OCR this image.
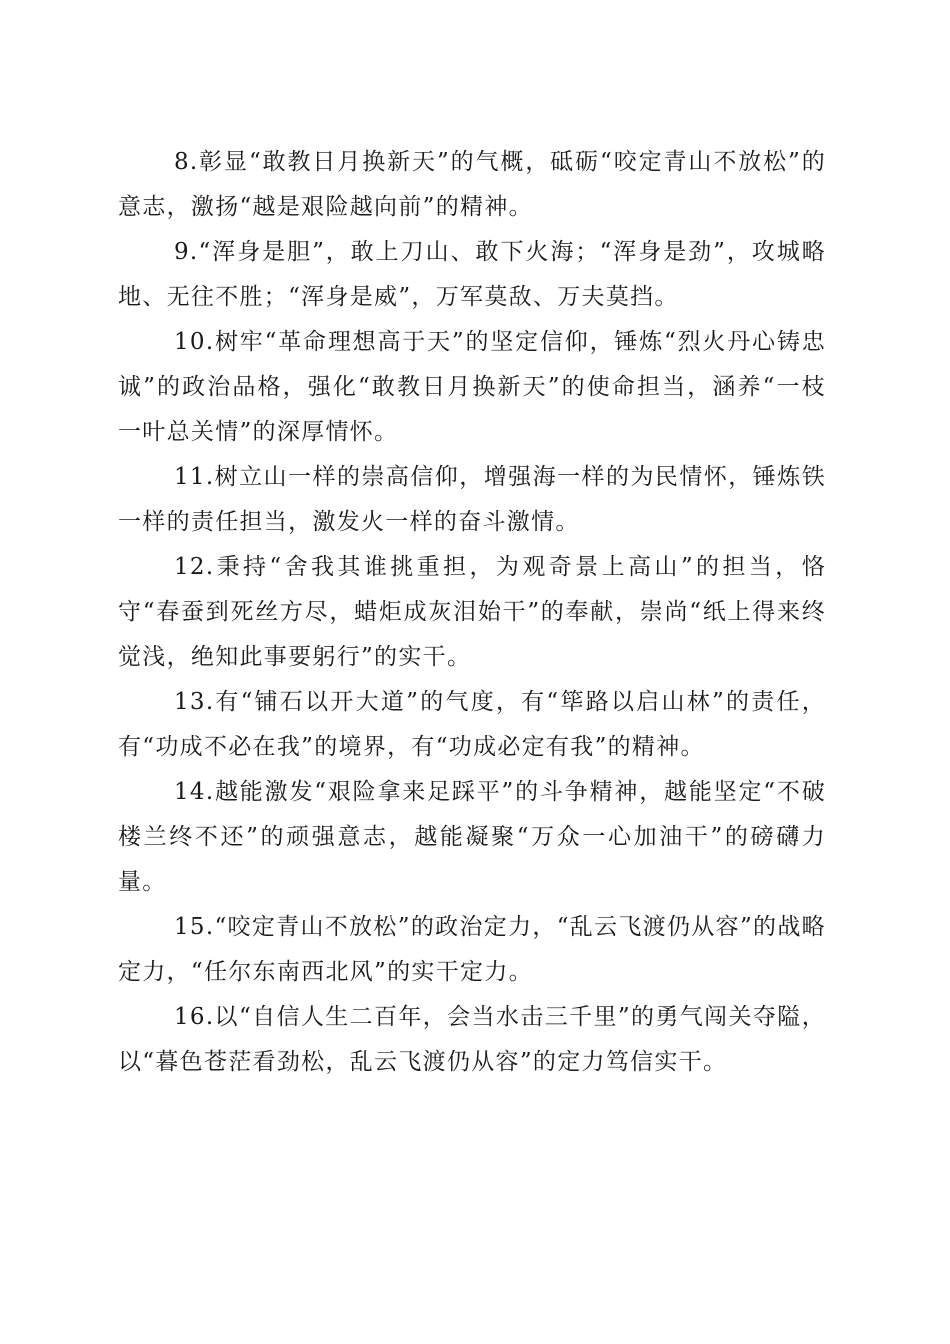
8.彰显“敢教日月换新天”的气概，砥砺“咬定青山不放松”的意志，激扬“越是艰险越向前”的精神。

9.“浑身是胆”，敢上刀山、敢下火海；“浑身是劲”，攻城略地、无往不胜；“浑身是威”，万军莫敌、万夫莫挡。

10.树牢“革命理想高于天”的坚定信仰，锤炼“烈火丹心铸忠诚”的政治品格，强化“敢教日月换新天”的使命担当，涵养“一枝一叶总关情”的深厚情怀。

11.树立山一样的崇高信仰，增强海一样的为民情怀，锤炼铁一样的责任担当，激发火一样的奋斗激情。

12.秉持“舍我其谁挑重担，为观奇景上高山”的担当，恪守“春蚕到死丝方尽，蜡炬成灰泪始干”的奉献，崇尚“纸上得来终觉浅，绝知此事要躬行”的实干。

13.有“铺石以开大道”的气度，有“筚路以启山林”的责任，有“功成不必在我”的境界，有“功成必定有我”的精神。

14.越能激发“艰险拿来足踩平”的斗争精神，越能坚定“不破楼兰终不还”的顽强意志，越能凝聚“万众一心加油干”的磅礴力量。

15.“咬定青山不放松”的政治定力，“乱云飞渡仍从容”的战略定力，“任尔东南西北风”的实干定力。

16.以“自信人生二百年，会当水击三千里”的勇气闯关夺隘，以“暮色苍茫看劲松，乱云飞渡仍从容”的定力笃信实干。
